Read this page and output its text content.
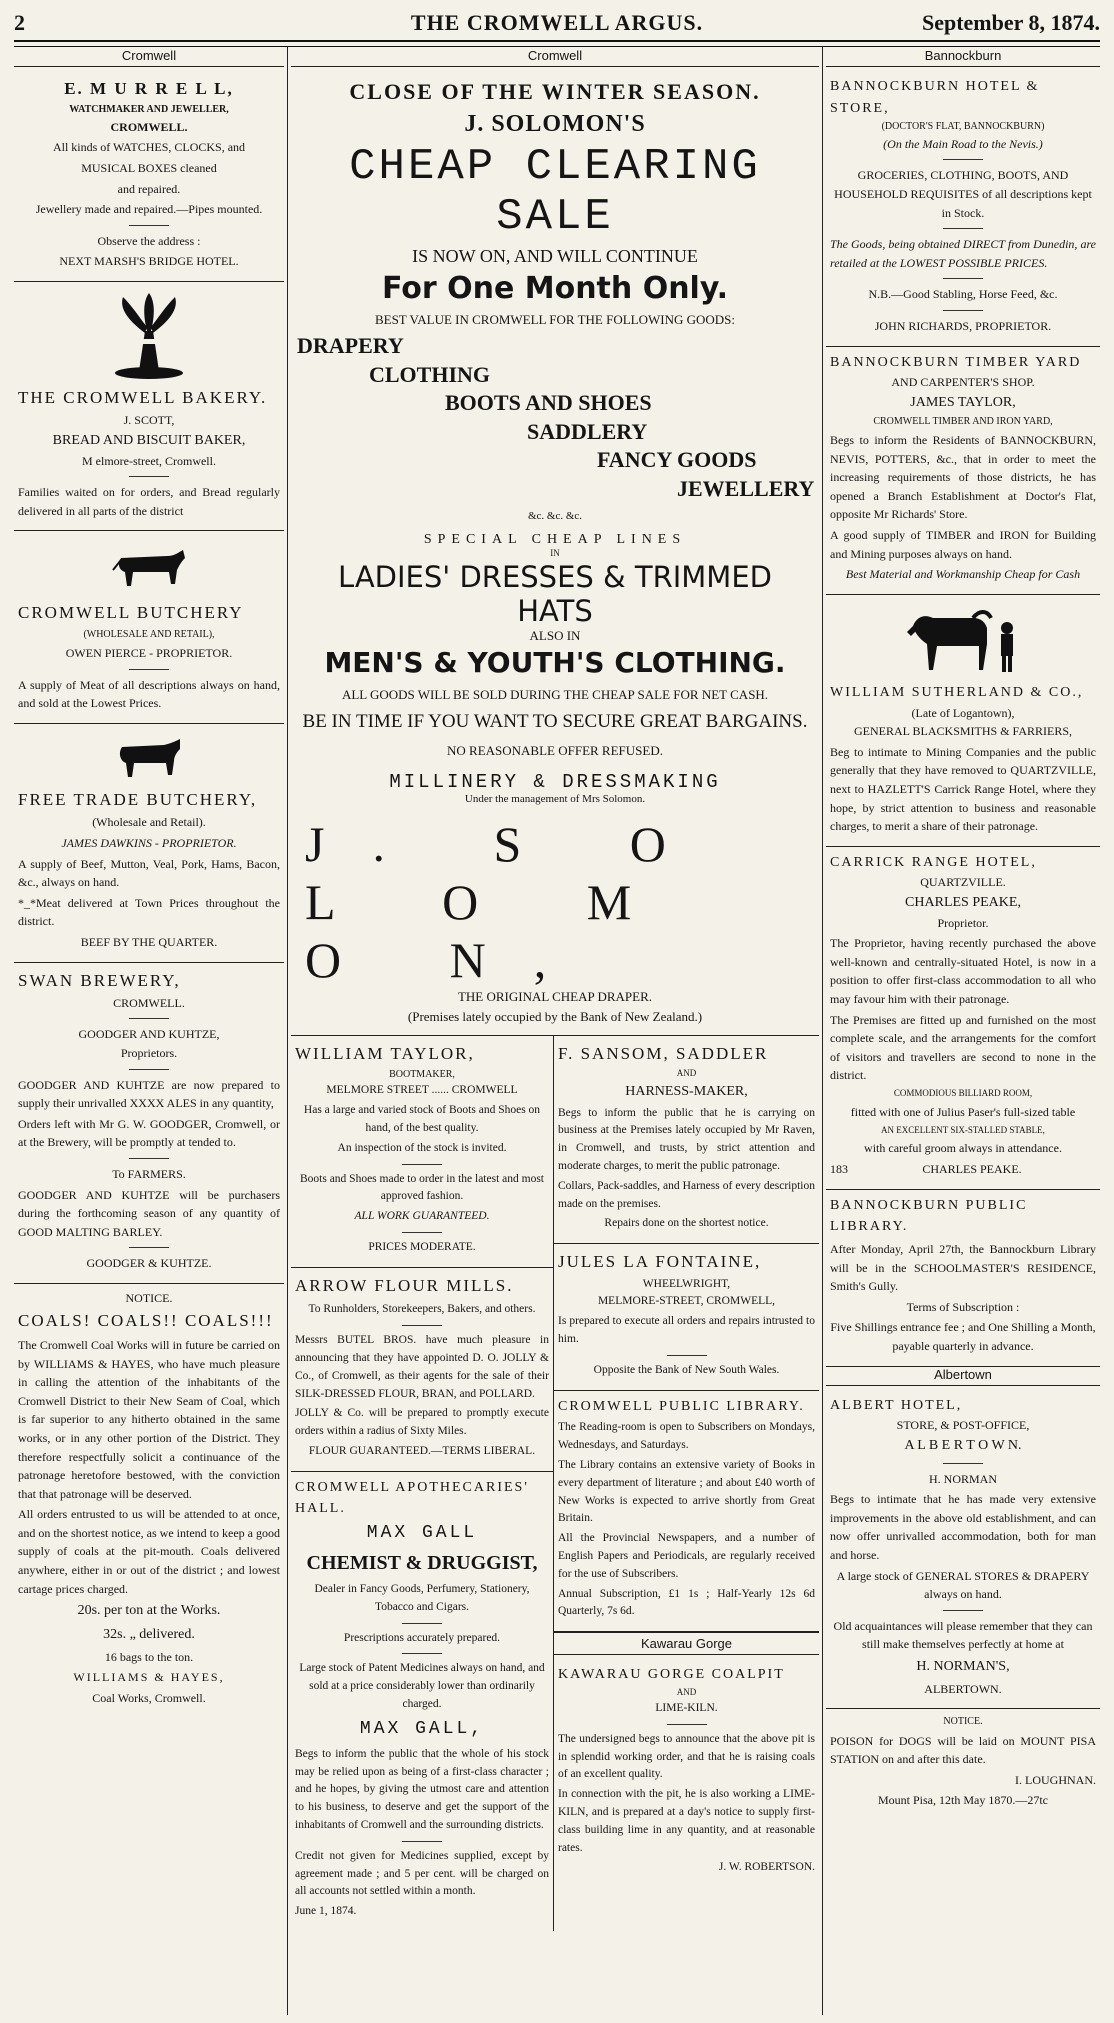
2	THE CROMWELL ARGUS.	September 8, 1874.
Cromwell
E. M U R R E L L,
WATCHMAKER AND JEWELLER,
CROMWELL.

All kinds of WATCHES, CLOCKS, and

MUSICAL BOXES cleaned

and repaired.

Jewellery made and repaired.—Pipes mounted.

Observe the address :

NEXT MARSH'S BRIDGE HOTEL.

THE CROMWELL BAKERY.
J. SCOTT,
BREAD AND BISCUIT BAKER,
M elmore-street, Cromwell.

Families waited on for orders, and Bread regularly delivered in all parts of the district

CROMWELL BUTCHERY
(WHOLESALE AND RETAIL),

OWEN PIERCE - PROPRIETOR.

A supply of Meat of all descriptions always on hand, and sold at the Lowest Prices.

FREE TRADE BUTCHERY,
(Wholesale and Retail).

JAMES DAWKINS - PROPRIETOR.

A supply of Beef, Mutton, Veal, Pork, Hams, Bacon, &c., always on hand.

*_*Meat delivered at Town Prices throughout the district.

BEEF BY THE QUARTER.

SWAN BREWERY,
CROMWELL.
GOODGER AND KUHTZE,
Proprietors.

GOODGER AND KUHTZE are now prepared to supply their unrivalled XXXX ALES in any quantity,

Orders left with Mr G. W. GOODGER, Cromwell, or at the Brewery, will be promptly at tended to.

To FARMERS.

GOODGER AND KUHTZE will be purchasers during the forthcoming season of any quantity of GOOD MALTING BARLEY.

GOODGER & KUHTZE.

NOTICE.
COALS! COALS!! COALS!!!

The Cromwell Coal Works will in future be carried on by WILLIAMS & HAYES, who have much pleasure in calling the attention of the inhabitants of the Cromwell District to their New Seam of Coal, which is far superior to any hitherto obtained in the same works, or in any other portion of the District. They therefore respectfully solicit a continuance of the patronage heretofore bestowed, with the conviction that that patronage will be deserved.

All orders entrusted to us will be attended to at once, and on the shortest notice, as we intend to keep a good supply of coals at the pit-mouth. Coals delivered anywhere, either in or out of the district ; and lowest cartage prices charged.

20s. per ton at the Works.

32s. „ delivered.

16 bags to the ton.

WILLIAMS & HAYES,

Coal Works, Cromwell.

Cromwell
CLOSE OF THE WINTER SEASON.
J. SOLOMON'S
CHEAP CLEARING SALE
IS NOW ON, AND WILL CONTINUE
For One Month Only.
BEST VALUE IN CROMWELL FOR THE FOLLOWING GOODS:
DRAPERY
CLOTHING
BOOTS AND SHOES
SADDLERY
FANCY GOODS
JEWELLERY
&c. &c. &c.
SPECIAL CHEAP LINES
IN
LADIES' DRESSES & TRIMMED HATS
ALSO IN
MEN'S & YOUTH'S CLOTHING.
ALL GOODS WILL BE SOLD DURING THE CHEAP SALE FOR NET CASH.
BE IN TIME IF YOU WANT TO SECURE GREAT BARGAINS.
NO REASONABLE OFFER REFUSED.
MILLINERY & DRESSMAKING
Under the management of Mrs Solomon.
J. S O L O M O N,
THE ORIGINAL CHEAP DRAPER.
(Premises lately occupied by the Bank of New Zealand.)
WILLIAM TAYLOR,
BOOTMAKER,
MELMORE STREET ...... CROMWELL

Has a large and varied stock of Boots and Shoes on hand, of the best quality.

An inspection of the stock is invited.

Boots and Shoes made to order in the latest and most approved fashion.

ALL WORK GUARANTEED.

PRICES MODERATE.

ARROW FLOUR MILLS.

To Runholders, Storekeepers, Bakers, and others.

Messrs BUTEL BROS. have much pleasure in announcing that they have appointed D. O. JOLLY & Co., of Cromwell, as their agents for the sale of their SILK-DRESSED FLOUR, BRAN, and POLLARD.

JOLLY & Co. will be prepared to promptly execute orders within a radius of Sixty Miles.

FLOUR GUARANTEED.—TERMS LIBERAL.

CROMWELL APOTHECARIES' HALL.
MAX GALL
CHEMIST & DRUGGIST,

Dealer in Fancy Goods, Perfumery, Stationery, Tobacco and Cigars.

Prescriptions accurately prepared.

Large stock of Patent Medicines always on hand, and sold at a price considerably lower than ordinarily charged.

MAX GALL,

Begs to inform the public that the whole of his stock may be relied upon as being of a first-class character ; and he hopes, by giving the utmost care and attention to his business, to deserve and get the support of the inhabitants of Cromwell and the surrounding districts.

Credit not given for Medicines supplied, except by agreement made ; and 5 per cent. will be charged on all accounts not settled within a month.

June 1, 1874.

F. SANSOM, SADDLER
AND
HARNESS-MAKER,

Begs to inform the public that he is carrying on business at the Premises lately occupied by Mr Raven, in Cromwell, and trusts, by strict attention and moderate charges, to merit the public patronage.

Collars, Pack-saddles, and Harness of every description made on the premises.

Repairs done on the shortest notice.

JULES LA FONTAINE,
WHEELWRIGHT,
MELMORE-STREET, CROMWELL,

Is prepared to execute all orders and repairs intrusted to him.

Opposite the Bank of New South Wales.

CROMWELL PUBLIC LIBRARY.

The Reading-room is open to Subscribers on Mondays, Wednesdays, and Saturdays.

The Library contains an extensive variety of Books in every department of literature ; and about £40 worth of New Works is expected to arrive shortly from Great Britain.

All the Provincial Newspapers, and a number of English Papers and Periodicals, are regularly received for the use of Subscribers.

Annual Subscription, £1 1s ; Half-Yearly 12s 6d Quarterly, 7s 6d.

Kawarau Gorge
KAWARAU GORGE COALPIT
AND
LIME-KILN.

The undersigned begs to announce that the above pit is in splendid working order, and that he is raising coals of an excellent quality.

In connection with the pit, he is also working a LIME-KILN, and is prepared at a day's notice to supply first-class building lime in any quantity, and at reasonable rates.

J. W. ROBERTSON.

Bannockburn
BANNOCKBURN HOTEL & STORE,
(DOCTOR'S FLAT, BANNOCKBURN)
(On the Main Road to the Nevis.)

GROCERIES, CLOTHING, BOOTS, AND HOUSEHOLD REQUISITES of all descriptions kept in Stock.

The Goods, being obtained DIRECT from Dunedin, are retailed at the LOWEST POSSIBLE PRICES.

N.B.—Good Stabling, Horse Feed, &c.

JOHN RICHARDS, PROPRIETOR.

BANNOCKBURN TIMBER YARD
AND CARPENTER'S SHOP.
JAMES TAYLOR,
CROMWELL TIMBER AND IRON YARD,

Begs to inform the Residents of BANNOCKBURN, NEVIS, POTTERS, &c., that in order to meet the increasing requirements of those districts, he has opened a Branch Establishment at Doctor's Flat, opposite Mr Richards' Store.

A good supply of TIMBER and IRON for Building and Mining purposes always on hand.

Best Material and Workmanship Cheap for Cash

WILLIAM SUTHERLAND & CO.,
(Late of Logantown),
GENERAL BLACKSMITHS & FARRIERS,

Beg to intimate to Mining Companies and the public generally that they have removed to QUARTZVILLE, next to HAZLETT'S Carrick Range Hotel, where they hope, by strict attention to business and reasonable charges, to merit a share of their patronage.

CARRICK RANGE HOTEL,
QUARTZVILLE.
CHARLES PEAKE,
Proprietor.

The Proprietor, having recently purchased the above well-known and centrally-situated Hotel, is now in a position to offer first-class accommodation to all who may favour him with their patronage.

The Premises are fitted up and furnished on the most complete scale, and the arrangements for the comfort of visitors and travellers are second to none in the district.

COMMODIOUS BILLIARD ROOM,

fitted with one of Julius Paser's full-sized table

AN EXCELLENT SIX-STALLED STABLE,

with careful groom always in attendance.

183	CHARLES PEAKE.

BANNOCKBURN PUBLIC LIBRARY.

After Monday, April 27th, the Bannockburn Library will be in the SCHOOLMASTER'S RESIDENCE, Smith's Gully.

Terms of Subscription :

Five Shillings entrance fee ; and One Shilling a Month, payable quarterly in advance.

Albertown
ALBERT HOTEL,
STORE, & POST-OFFICE,
A L B E R T O W N.
H. NORMAN

Begs to intimate that he has made very extensive improvements in the above old establishment, and can now offer unrivalled accommodation, both for man and horse.

A large stock of GENERAL STORES & DRAPERY always on hand.

Old acquaintances will please remember that they can still make themselves perfectly at home at

H. NORMAN'S,

ALBERTOWN.

NOTICE.

POISON for DOGS will be laid on MOUNT PISA STATION on and after this date.

I. LOUGHNAN.

Mount Pisa, 12th May 1870.—27tc
